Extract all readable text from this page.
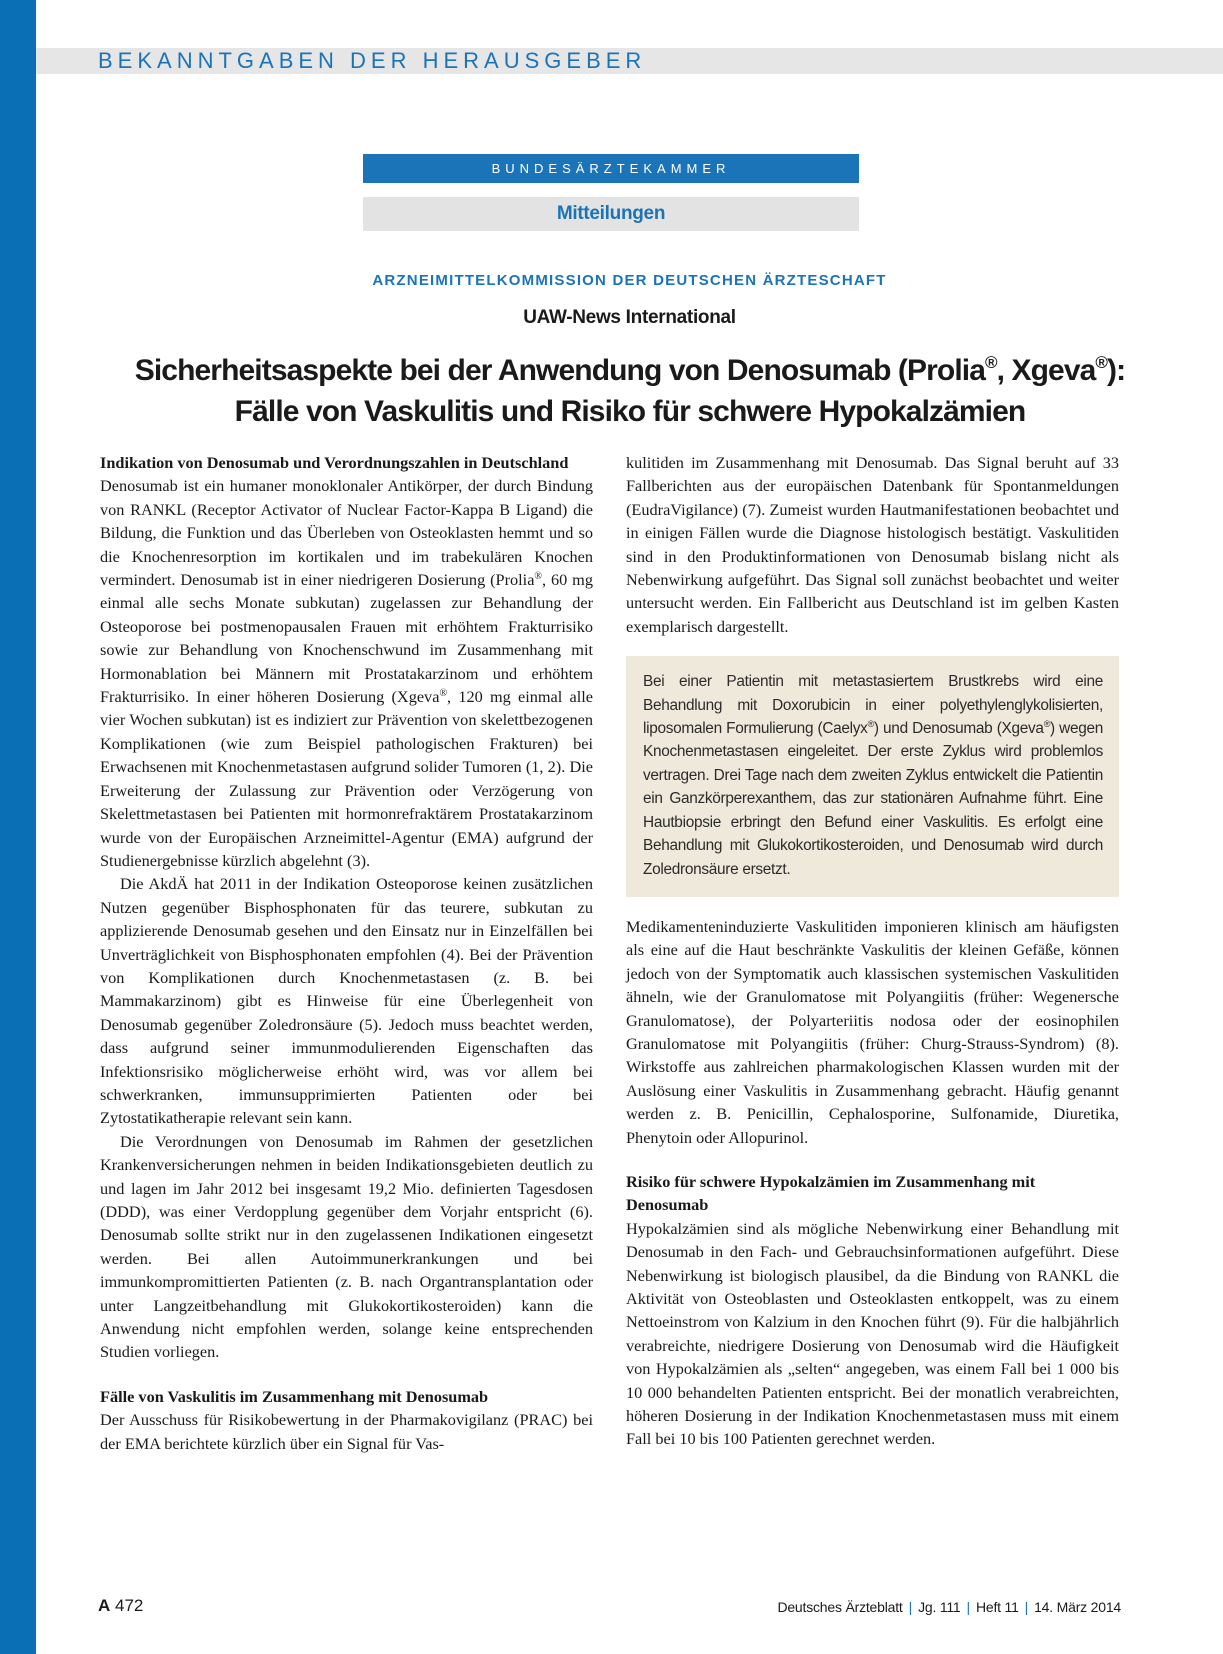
BEKANNTGABEN DER HERAUSGEBER
BUNDESÄRZTEKAMMER
Mitteilungen
ARZNEIMITTELKOMMISSION DER DEUTSCHEN ÄRZTESCHAFT
UAW-News International
Sicherheitsaspekte bei der Anwendung von Denosumab (Prolia®, Xgeva®):
Fälle von Vaskulitis und Risiko für schwere Hypokalzämien
Indikation von Denosumab und Verordnungszahlen in Deutschland

Denosumab ist ein humaner monoklonaler Antikörper, der durch Bindung von RANKL (Receptor Activator of Nuclear Factor-Kappa B Ligand) die Bildung, die Funktion und das Überleben von Osteoklasten hemmt und so die Knochenresorption im kortikalen und im trabekulären Knochen vermindert. Denosumab ist in einer niedrigeren Dosierung (Prolia®, 60 mg einmal alle sechs Monate subkutan) zugelassen zur Behandlung der Osteoporose bei postmenopausalen Frauen mit erhöhtem Frakturrisiko sowie zur Behandlung von Knochenschwund im Zusammenhang mit Hormonablation bei Männern mit Prostatakarzinom und erhöhtem Frakturrisiko. In einer höheren Dosierung (Xgeva®, 120 mg einmal alle vier Wochen subkutan) ist es indiziert zur Prävention von skelettbezogenen Komplikationen (wie zum Beispiel pathologischen Frakturen) bei Erwachsenen mit Knochenmetastasen aufgrund solider Tumoren (1, 2). Die Erweiterung der Zulassung zur Prävention oder Verzögerung von Skelettmetastasen bei Patienten mit hormonrefraktärem Prostatakarzinom wurde von der Europäischen Arzneimittel-Agentur (EMA) aufgrund der Studienergebnisse kürzlich abgelehnt (3).

Die AkdÄ hat 2011 in der Indikation Osteoporose keinen zusätzlichen Nutzen gegenüber Bisphosphonaten für das teurere, subkutan zu applizierende Denosumab gesehen und den Einsatz nur in Einzelfällen bei Unverträglichkeit von Bisphosphonaten empfohlen (4). Bei der Prävention von Komplikationen durch Knochenmetastasen (z. B. bei Mammakarzinom) gibt es Hinweise für eine Überlegenheit von Denosumab gegenüber Zoledronsäure (5). Jedoch muss beachtet werden, dass aufgrund seiner immunmodulierenden Eigenschaften das Infektionsrisiko möglicherweise erhöht wird, was vor allem bei schwerkranken, immunsupprimierten Patienten oder bei Zytostatikatherapie relevant sein kann.

Die Verordnungen von Denosumab im Rahmen der gesetzlichen Krankenversicherungen nehmen in beiden Indikationsgebieten deutlich zu und lagen im Jahr 2012 bei insgesamt 19,2 Mio. definierten Tagesdosen (DDD), was einer Verdopplung gegenüber dem Vorjahr entspricht (6). Denosumab sollte strikt nur in den zugelassenen Indikationen eingesetzt werden. Bei allen Autoimmunerkrankungen und bei immunkompromittierten Patienten (z. B. nach Organtransplantation oder unter Langzeitbehandlung mit Glukokortikosteroiden) kann die Anwendung nicht empfohlen werden, solange keine entsprechenden Studien vorliegen.

Fälle von Vaskulitis im Zusammenhang mit Denosumab

Der Ausschuss für Risikobewertung in der Pharmakovigilanz (PRAC) bei der EMA berichtete kürzlich über ein Signal für Vas-

kulitiden im Zusammenhang mit Denosumab. Das Signal beruht auf 33 Fallberichten aus der europäischen Datenbank für Spontanmeldungen (EudraVigilance) (7). Zumeist wurden Hautmanifestationen beobachtet und in einigen Fällen wurde die Diagnose histologisch bestätigt. Vaskulitiden sind in den Produktinformationen von Denosumab bislang nicht als Nebenwirkung aufgeführt. Das Signal soll zunächst beobachtet und weiter untersucht werden. Ein Fallbericht aus Deutschland ist im gelben Kasten exemplarisch dargestellt.

Bei einer Patientin mit metastasiertem Brustkrebs wird eine Behandlung mit Doxorubicin in einer polyethylenglykolisierten, liposomalen Formulierung (Caelyx®) und Denosumab (Xgeva®) wegen Knochenmetastasen eingeleitet. Der erste Zyklus wird problemlos vertragen. Drei Tage nach dem zweiten Zyklus entwickelt die Patientin ein Ganzkörperexanthem, das zur stationären Aufnahme führt. Eine Hautbiopsie erbringt den Befund einer Vaskulitis. Es erfolgt eine Behandlung mit Glukokortikosteroiden, und Denosumab wird durch Zoledronsäure ersetzt.

Medikamenteninduzierte Vaskulitiden imponieren klinisch am häufigsten als eine auf die Haut beschränkte Vaskulitis der kleinen Gefäße, können jedoch von der Symptomatik auch klassischen systemischen Vaskulitiden ähneln, wie der Granulomatose mit Polyangiitis (früher: Wegenersche Granulomatose), der Polyarteriitis nodosa oder der eosinophilen Granulomatose mit Polyangiitis (früher: Churg-Strauss-Syndrom) (8). Wirkstoffe aus zahlreichen pharmakologischen Klassen wurden mit der Auslösung einer Vaskulitis in Zusammenhang gebracht. Häufig genannt werden z. B. Penicillin, Cephalosporine, Sulfonamide, Diuretika, Phenytoin oder Allopurinol.

Risiko für schwere Hypokalzämien im Zusammenhang mit Denosumab

Hypokalzämien sind als mögliche Nebenwirkung einer Behandlung mit Denosumab in den Fach- und Gebrauchsinformationen aufgeführt. Diese Nebenwirkung ist biologisch plausibel, da die Bindung von RANKL die Aktivität von Osteoblasten und Osteoklasten entkoppelt, was zu einem Nettoeinstrom von Kalzium in den Knochen führt (9). Für die halbjährlich verabreichte, niedrigere Dosierung von Denosumab wird die Häufigkeit von Hypokalzämien als „selten“ angegeben, was einem Fall bei 1 000 bis 10 000 behandelten Patienten entspricht. Bei der monatlich verabreichten, höheren Dosierung in der Indikation Knochenmetastasen muss mit einem Fall bei 10 bis 100 Patienten gerechnet werden.

A 472	Deutsches Ärzteblatt | Jg. 111 | Heft 11 | 14. März 2014
